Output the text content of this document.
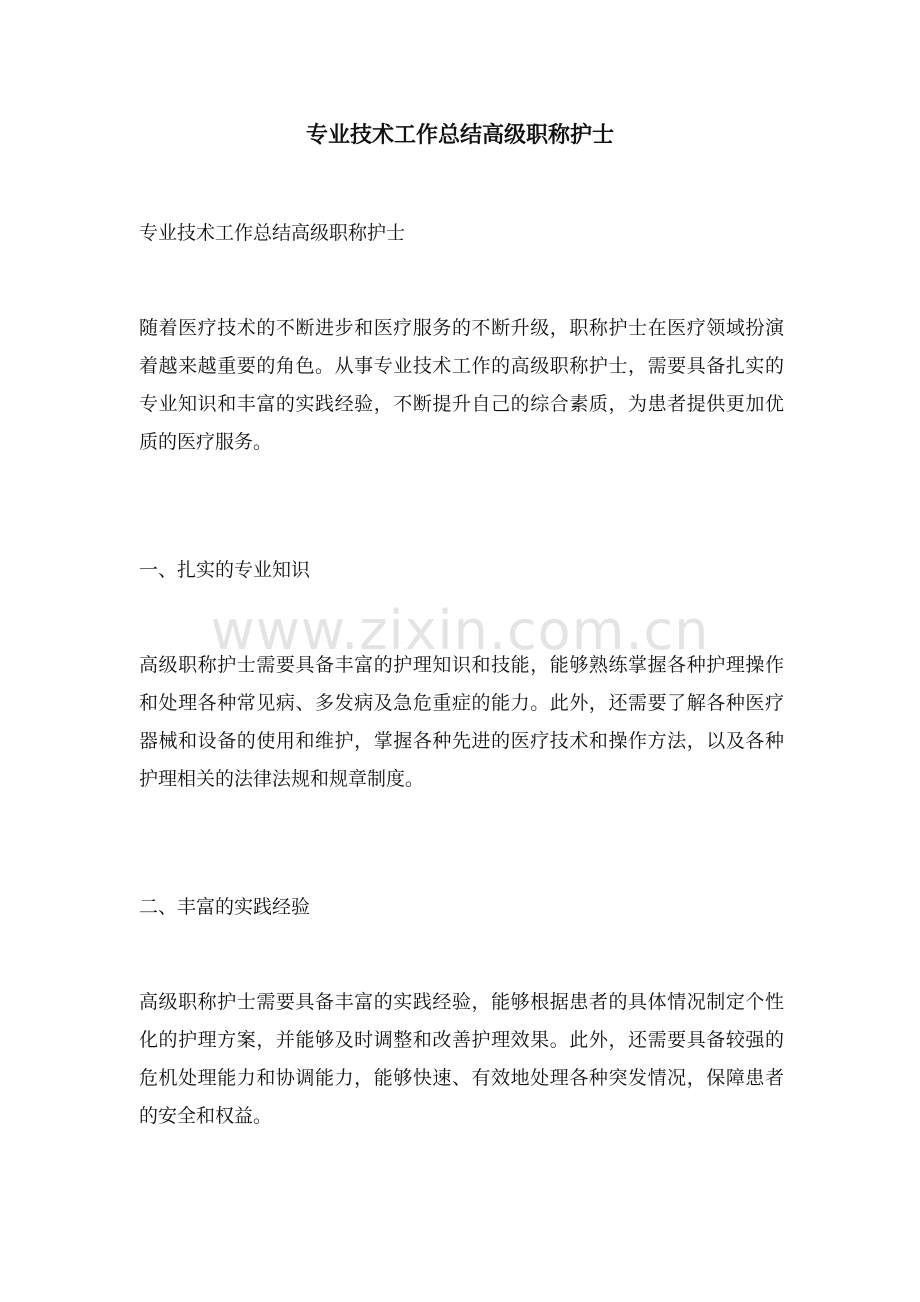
专业技术工作总结高级职称护士

专业技术工作总结高级职称护士

随着医疗技术的不断进步和医疗服务的不断升级，职称护士在医疗领域扮演着越来越重要的角色。从事专业技术工作的高级职称护士，需要具备扎实的专业知识和丰富的实践经验，不断提升自己的综合素质，为患者提供更加优质的医疗服务。

一、扎实的专业知识

高级职称护士需要具备丰富的护理知识和技能，能够熟练掌握各种护理操作和处理各种常见病、多发病及急危重症的能力。此外，还需要了解各种医疗器械和设备的使用和维护，掌握各种先进的医疗技术和操作方法，以及各种护理相关的法律法规和规章制度。

二、丰富的实践经验

高级职称护士需要具备丰富的实践经验，能够根据患者的具体情况制定个性化的护理方案，并能够及时调整和改善护理效果。此外，还需要具备较强的危机处理能力和协调能力，能够快速、有效地处理各种突发情况，保障患者的安全和权益。

www.zixin.com.cn
